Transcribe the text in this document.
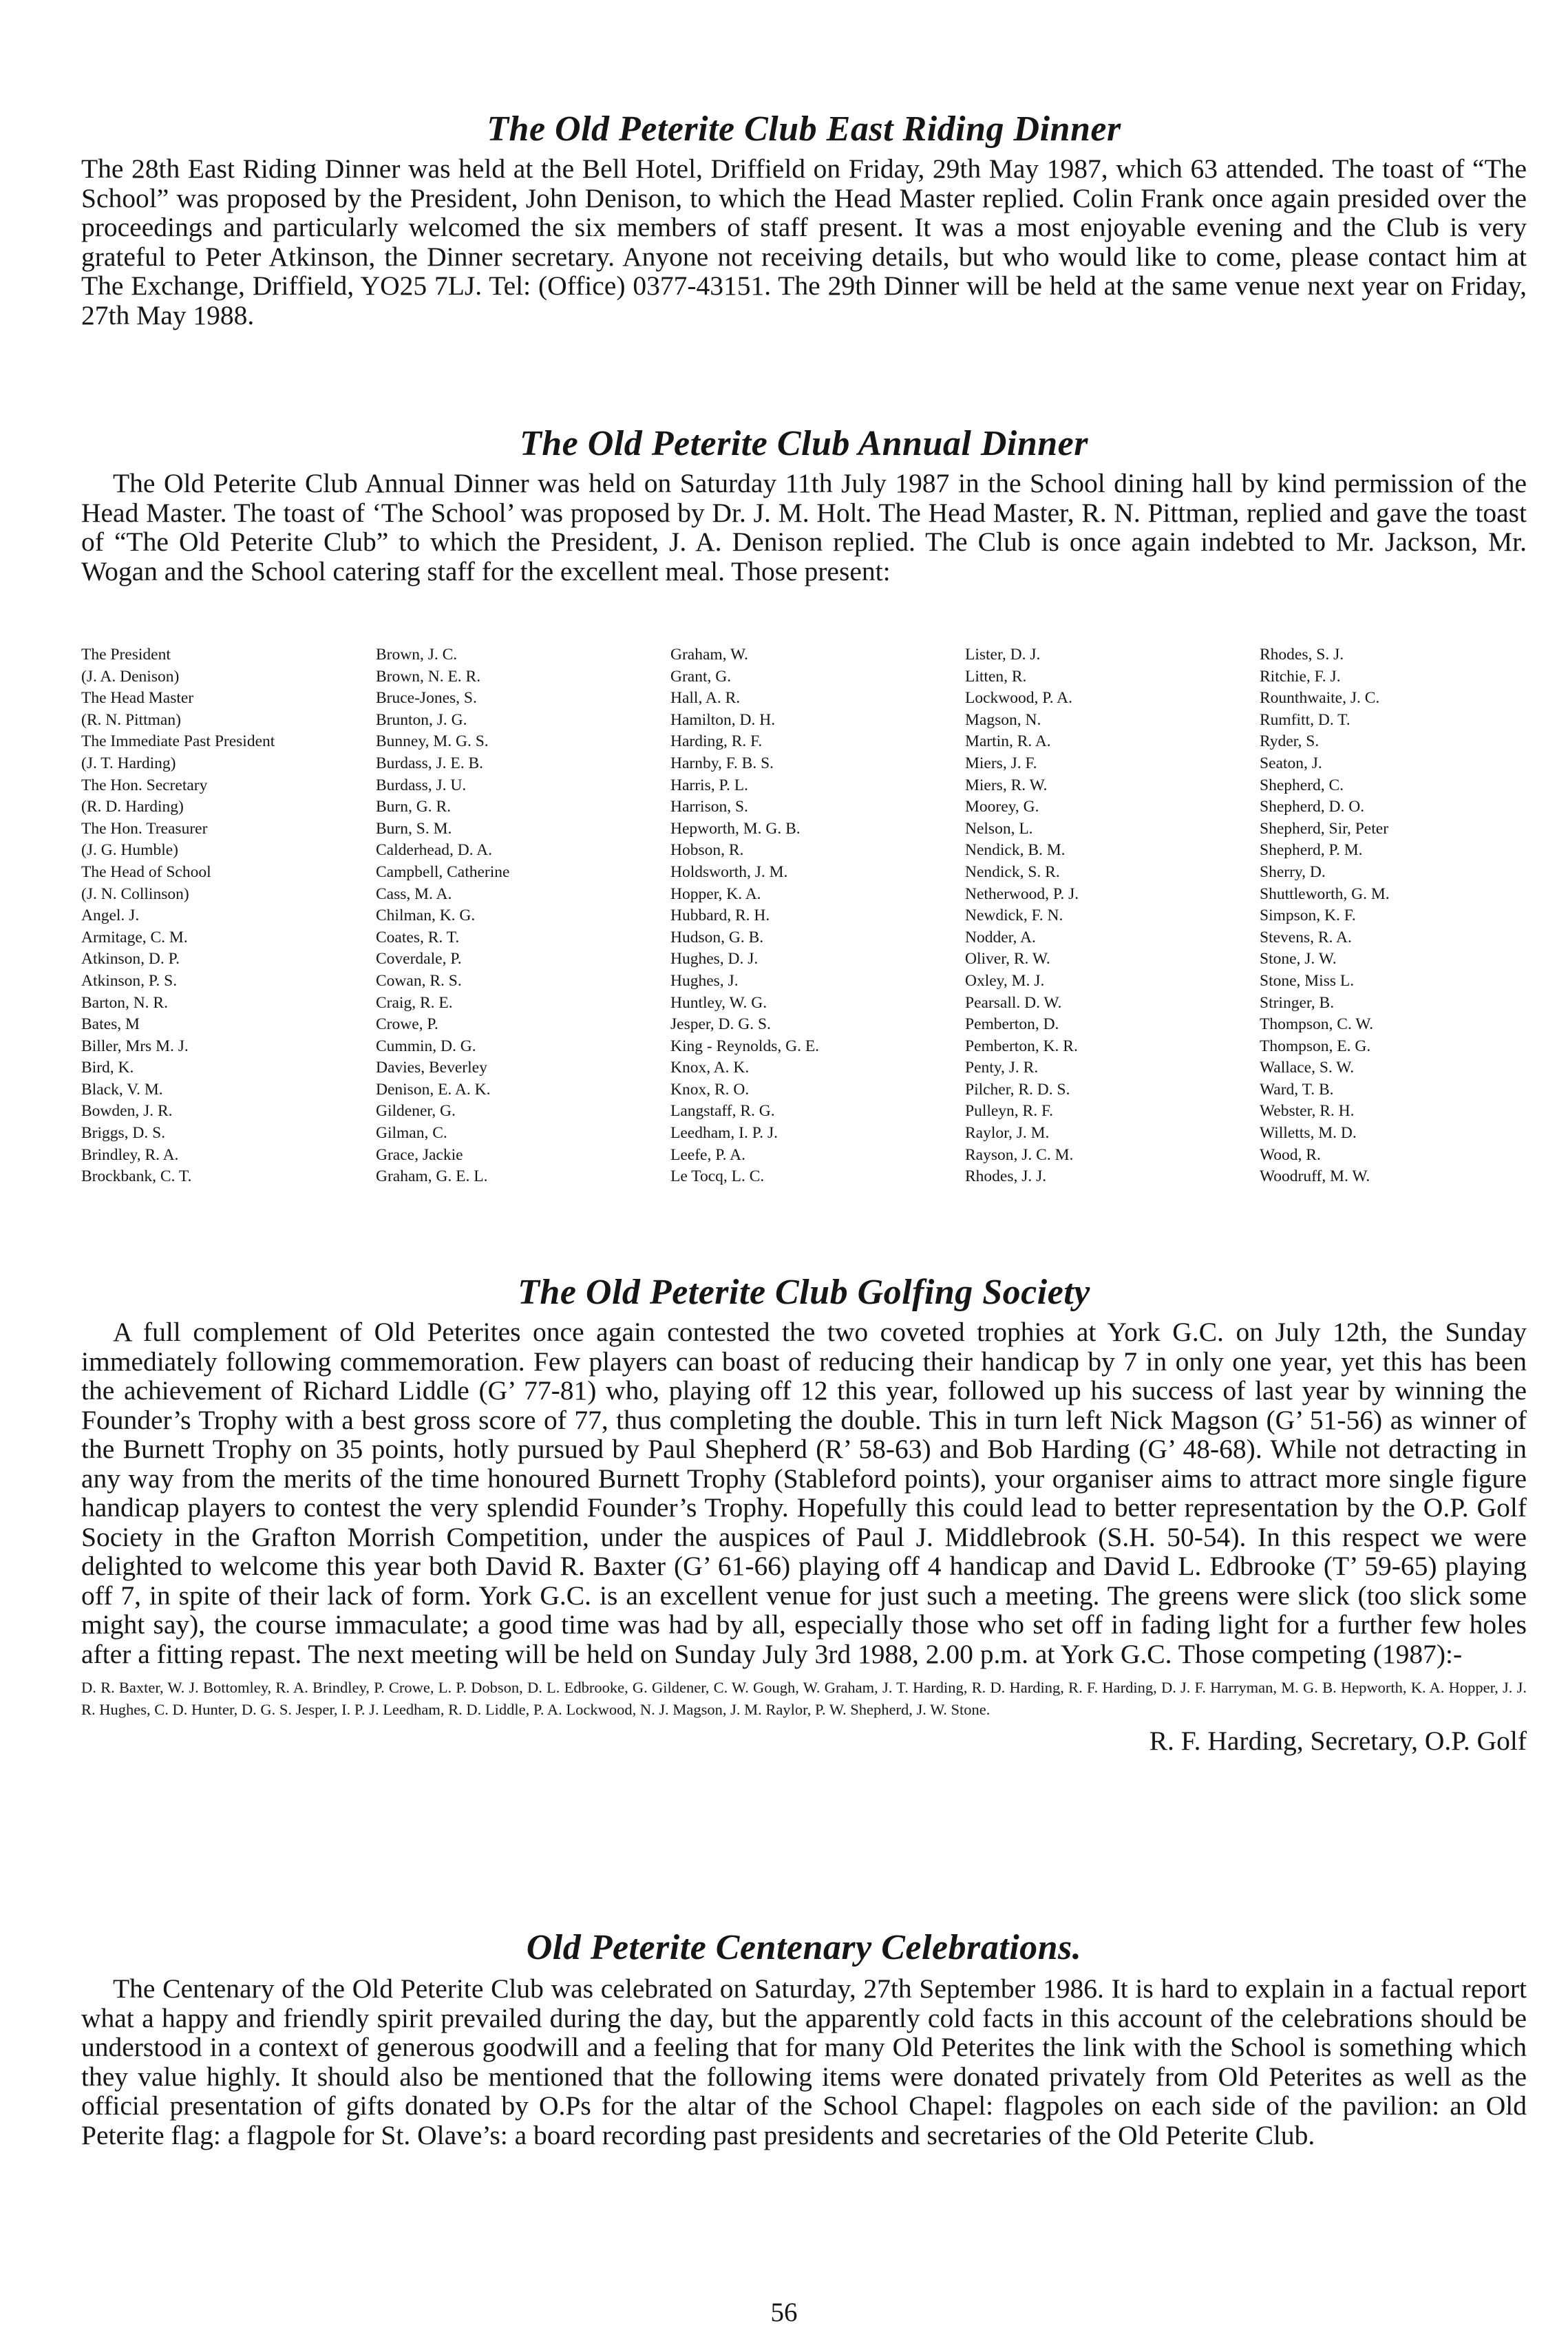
The Old Peterite Club East Riding Dinner

The 28th East Riding Dinner was held at the Bell Hotel, Driffield on Friday, 29th May 1987, which 63 attended. The toast of “The School” was proposed by the President, John Denison, to which the Head Master replied. Colin Frank once again presided over the proceedings and particularly welcomed the six members of staff present. It was a most enjoyable evening and the Club is very grateful to Peter Atkinson, the Dinner secretary. Anyone not receiving details, but who would like to come, please contact him at The Exchange, Driffield, YO25 7LJ. Tel: (Office) 0377-43151. The 29th Dinner will be held at the same venue next year on Friday, 27th May 1988.

The Old Peterite Club Annual Dinner

The Old Peterite Club Annual Dinner was held on Saturday 11th July 1987 in the School dining hall by kind permission of the Head Master. The toast of ‘The School’ was proposed by Dr. J. M. Holt. The Head Master, R. N. Pittman, replied and gave the toast of “The Old Peterite Club” to which the President, J. A. Denison replied. The Club is once again indebted to Mr. Jackson, Mr. Wogan and the School catering staff for the excellent meal. Those present:

The President
(J. A. Denison)
The Head Master
(R. N. Pittman)
The Immediate Past President
(J. T. Harding)
The Hon. Secretary
(R. D. Harding)
The Hon. Treasurer
(J. G. Humble)
The Head of School
(J. N. Collinson)
Angel. J.
Armitage, C. M.
Atkinson, D. P.
Atkinson, P. S.
Barton, N. R.
Bates, M
Biller, Mrs M. J.
Bird, K.
Black, V. M.
Bowden, J. R.
Briggs, D. S.
Brindley, R. A.
Brockbank, C. T.
Brown, J. C.
Brown, N. E. R.
Bruce-Jones, S.
Brunton, J. G.
Bunney, M. G. S.
Burdass, J. E. B.
Burdass, J. U.
Burn, G. R.
Burn, S. M.
Calderhead, D. A.
Campbell, Catherine
Cass, M. A.
Chilman, K. G.
Coates, R. T.
Coverdale, P.
Cowan, R. S.
Craig, R. E.
Crowe, P.
Cummin, D. G.
Davies, Beverley
Denison, E. A. K.
Gildener, G.
Gilman, C.
Grace, Jackie
Graham, G. E. L.
Graham, W.
Grant, G.
Hall, A. R.
Hamilton, D. H.
Harding, R. F.
Harnby, F. B. S.
Harris, P. L.
Harrison, S.
Hepworth, M. G. B.
Hobson, R.
Holdsworth, J. M.
Hopper, K. A.
Hubbard, R. H.
Hudson, G. B.
Hughes, D. J.
Hughes, J.
Huntley, W. G.
Jesper, D. G. S.
King - Reynolds, G. E.
Knox, A. K.
Knox, R. O.
Langstaff, R. G.
Leedham, I. P. J.
Leefe, P. A.
Le Tocq, L. C.
Lister, D. J.
Litten, R.
Lockwood, P. A.
Magson, N.
Martin, R. A.
Miers, J. F.
Miers, R. W.
Moorey, G.
Nelson, L.
Nendick, B. M.
Nendick, S. R.
Netherwood, P. J.
Newdick, F. N.
Nodder, A.
Oliver, R. W.
Oxley, M. J.
Pearsall. D. W.
Pemberton, D.
Pemberton, K. R.
Penty, J. R.
Pilcher, R. D. S.
Pulleyn, R. F.
Raylor, J. M.
Rayson, J. C. M.
Rhodes, J. J.
Rhodes, S. J.
Ritchie, F. J.
Rounthwaite, J. C.
Rumfitt, D. T.
Ryder, S.
Seaton, J.
Shepherd, C.
Shepherd, D. O.
Shepherd, Sir, Peter
Shepherd, P. M.
Sherry, D.
Shuttleworth, G. M.
Simpson, K. F.
Stevens, R. A.
Stone, J. W.
Stone, Miss L.
Stringer, B.
Thompson, C. W.
Thompson, E. G.
Wallace, S. W.
Ward, T. B.
Webster, R. H.
Willetts, M. D.
Wood, R.
Woodruff, M. W.
The Old Peterite Club Golfing Society

A full complement of Old Peterites once again contested the two coveted trophies at York G.C. on July 12th, the Sunday immediately following commemoration. Few players can boast of reducing their handicap by 7 in only one year, yet this has been the achievement of Richard Liddle (G’ 77-81) who, playing off 12 this year, followed up his success of last year by winning the Founder’s Trophy with a best gross score of 77, thus completing the double. This in turn left Nick Magson (G’ 51-56) as winner of the Burnett Trophy on 35 points, hotly pursued by Paul Shepherd (R’ 58-63) and Bob Harding (G’ 48-68). While not detracting in any way from the merits of the time honoured Burnett Trophy (Stableford points), your organiser aims to attract more single figure handicap players to contest the very splendid Founder’s Trophy. Hopefully this could lead to better representation by the O.P. Golf Society in the Grafton Morrish Competition, under the auspices of Paul J. Middlebrook (S.H. 50-54). In this respect we were delighted to welcome this year both David R. Baxter (G’ 61-66) playing off 4 handicap and David L. Edbrooke (T’ 59-65) playing off 7, in spite of their lack of form. York G.C. is an excellent venue for just such a meeting. The greens were slick (too slick some might say), the course immaculate; a good time was had by all, especially those who set off in fading light for a further few holes after a fitting repast. The next meeting will be held on Sunday July 3rd 1988, 2.00 p.m. at York G.C. Those competing (1987):-

D. R. Baxter, W. J. Bottomley, R. A. Brindley, P. Crowe, L. P. Dobson, D. L. Edbrooke, G. Gildener, C. W. Gough, W. Graham, J. T. Harding, R. D. Harding, R. F. Harding, D. J. F. Harryman, M. G. B. Hepworth, K. A. Hopper, J. J. R. Hughes, C. D. Hunter, D. G. S. Jesper, I. P. J. Leedham, R. D. Liddle, P. A. Lockwood, N. J. Magson, J. M. Raylor, P. W. Shepherd, J. W. Stone.

R. F. Harding, Secretary, O.P. Golf

Old Peterite Centenary Celebrations.

The Centenary of the Old Peterite Club was celebrated on Saturday, 27th September 1986. It is hard to explain in a factual report what a happy and friendly spirit prevailed during the day, but the apparently cold facts in this account of the celebrations should be understood in a context of generous goodwill and a feeling that for many Old Peterites the link with the School is something which they value highly. It should also be mentioned that the following items were donated privately from Old Peterites as well as the official presentation of gifts donated by O.Ps for the altar of the School Chapel: flagpoles on each side of the pavilion: an Old Peterite flag: a flagpole for St. Olave’s: a board recording past presidents and secretaries of the Old Peterite Club.

56
